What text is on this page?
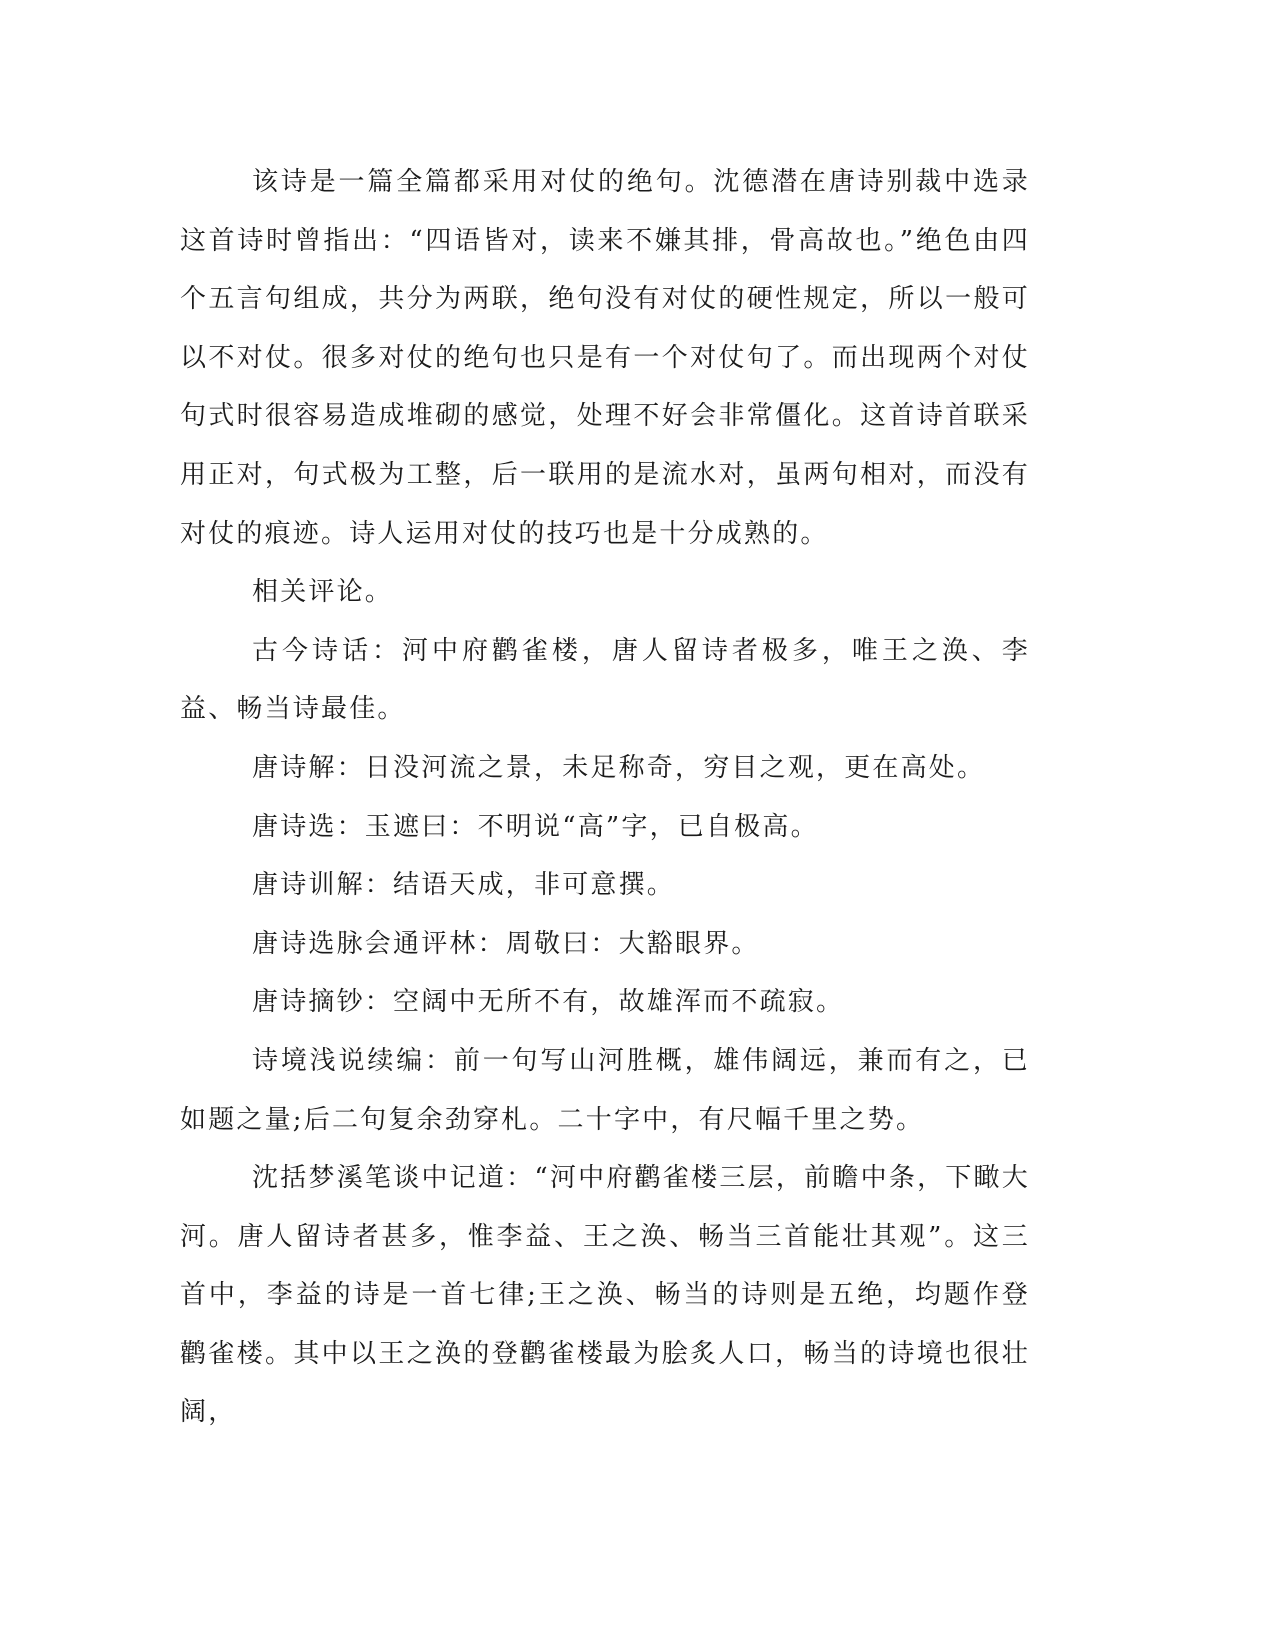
该诗是一篇全篇都采用对仗的绝句。沈德潜在唐诗别裁中选录这首诗时曾指出：“四语皆对，读来不嫌其排，骨高故也。”绝色由四个五言句组成，共分为两联，绝句没有对仗的硬性规定，所以一般可以不对仗。很多对仗的绝句也只是有一个对仗句了。而出现两个对仗句式时很容易造成堆砌的感觉，处理不好会非常僵化。这首诗首联采用正对，句式极为工整，后一联用的是流水对，虽两句相对，而没有对仗的痕迹。诗人运用对仗的技巧也是十分成熟的。

相关评论。

古今诗话：河中府鹳雀楼，唐人留诗者极多，唯王之涣、李益、畅当诗最佳。

唐诗解：日没河流之景，未足称奇，穷目之观，更在高处。

唐诗选：玉遮曰：不明说“高”字，已自极高。

唐诗训解：结语天成，非可意撰。

唐诗选脉会通评林：周敬曰：大豁眼界。

唐诗摘钞：空阔中无所不有，故雄浑而不疏寂。

诗境浅说续编：前一句写山河胜概，雄伟阔远，兼而有之，已如题之量;后二句复余劲穿札。二十字中，有尺幅千里之势。

沈括梦溪笔谈中记道：“河中府鹳雀楼三层，前瞻中条，下瞰大河。唐人留诗者甚多，惟李益、王之涣、畅当三首能壮其观”。这三首中，李益的诗是一首七律;王之涣、畅当的诗则是五绝，均题作登鹳雀楼。其中以王之涣的登鹳雀楼最为脍炙人口，畅当的诗境也很壮阔，
